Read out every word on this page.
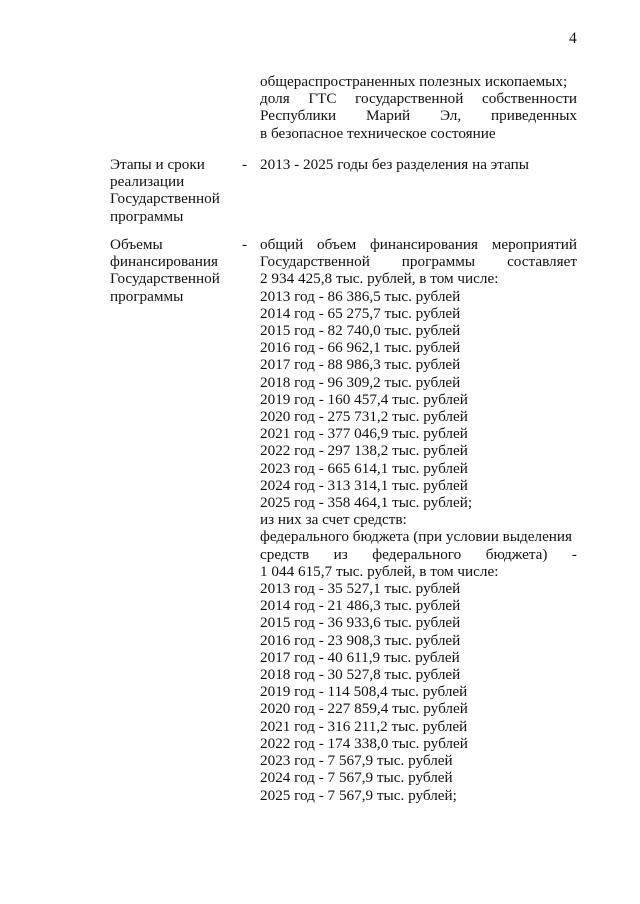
4
общераспространенных полезных ископаемых;
доля ГТС государственной собственности
Республики Марий Эл, приведенных
в безопасное техническое состояние
Этапы и сроки
реализации
Государственной
программы
- 2013 - 2025 годы без разделения на этапы
Объемы
финансирования
Государственной
программы
- общий объем финансирования мероприятий
Государственной программы составляет
2 934 425,8 тыс. рублей, в том числе:
2013 год - 86 386,5 тыс. рублей
2014 год - 65 275,7 тыс. рублей
2015 год - 82 740,0 тыс. рублей
2016 год - 66 962,1 тыс. рублей
2017 год - 88 986,3 тыс. рублей
2018 год - 96 309,2 тыс. рублей
2019 год - 160 457,4 тыс. рублей
2020 год - 275 731,2 тыс. рублей
2021 год - 377 046,9 тыс. рублей
2022 год - 297 138,2 тыс. рублей
2023 год - 665 614,1 тыс. рублей
2024 год - 313 314,1 тыс. рублей
2025 год - 358 464,1 тыс. рублей;
из них за счет средств:
федерального бюджета (при условии выделения
средств из федерального бюджета) -
1 044 615,7 тыс. рублей, в том числе:
2013 год - 35 527,1 тыс. рублей
2014 год - 21 486,3 тыс. рублей
2015 год - 36 933,6 тыс. рублей
2016 год - 23 908,3 тыс. рублей
2017 год - 40 611,9 тыс. рублей
2018 год - 30 527,8 тыс. рублей
2019 год - 114 508,4 тыс. рублей
2020 год - 227 859,4 тыс. рублей
2021 год - 316 211,2 тыс. рублей
2022 год - 174 338,0 тыс. рублей
2023 год - 7 567,9 тыс. рублей
2024 год - 7 567,9 тыс. рублей
2025 год - 7 567,9 тыс. рублей;
